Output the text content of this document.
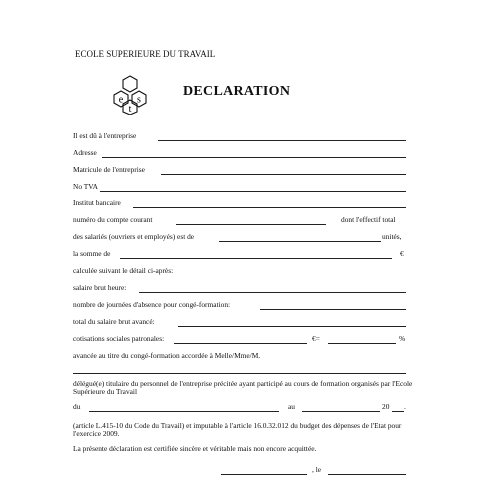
ECOLE SUPERIEURE DU TRAVAIL
e s
t
DECLARATION
Il est dû à l'entreprise
Adresse
Matricule de l'entreprise
No TVA
Institut bancaire
numéro du compte courant	dont l'effectif total
des salariés (ouvriers et employés) est de	unités,
la somme de	€
calculée suivant le détail ci-après:
salaire brut heure:
nombre de journées d'absence pour congé-formation:
total du salaire brut avancé:
cotisations sociales patronales:	€=	%
avancée au titre du congé-formation accordée à Melle/Mme/M.
délégué(e) titulaire du personnel de l'entreprise précitée ayant participé au cours de formation organisés par l'Ecole Supérieure du Travail
du	au	20 .
(article L.415-10 du Code du Travail) et imputable à l'article 16.0.32.012 du budget des dépenses de l'Etat pour l'exercice 2009.
La présente déclaration est certifiée sincère et véritable mais non encore acquittée.
, le
